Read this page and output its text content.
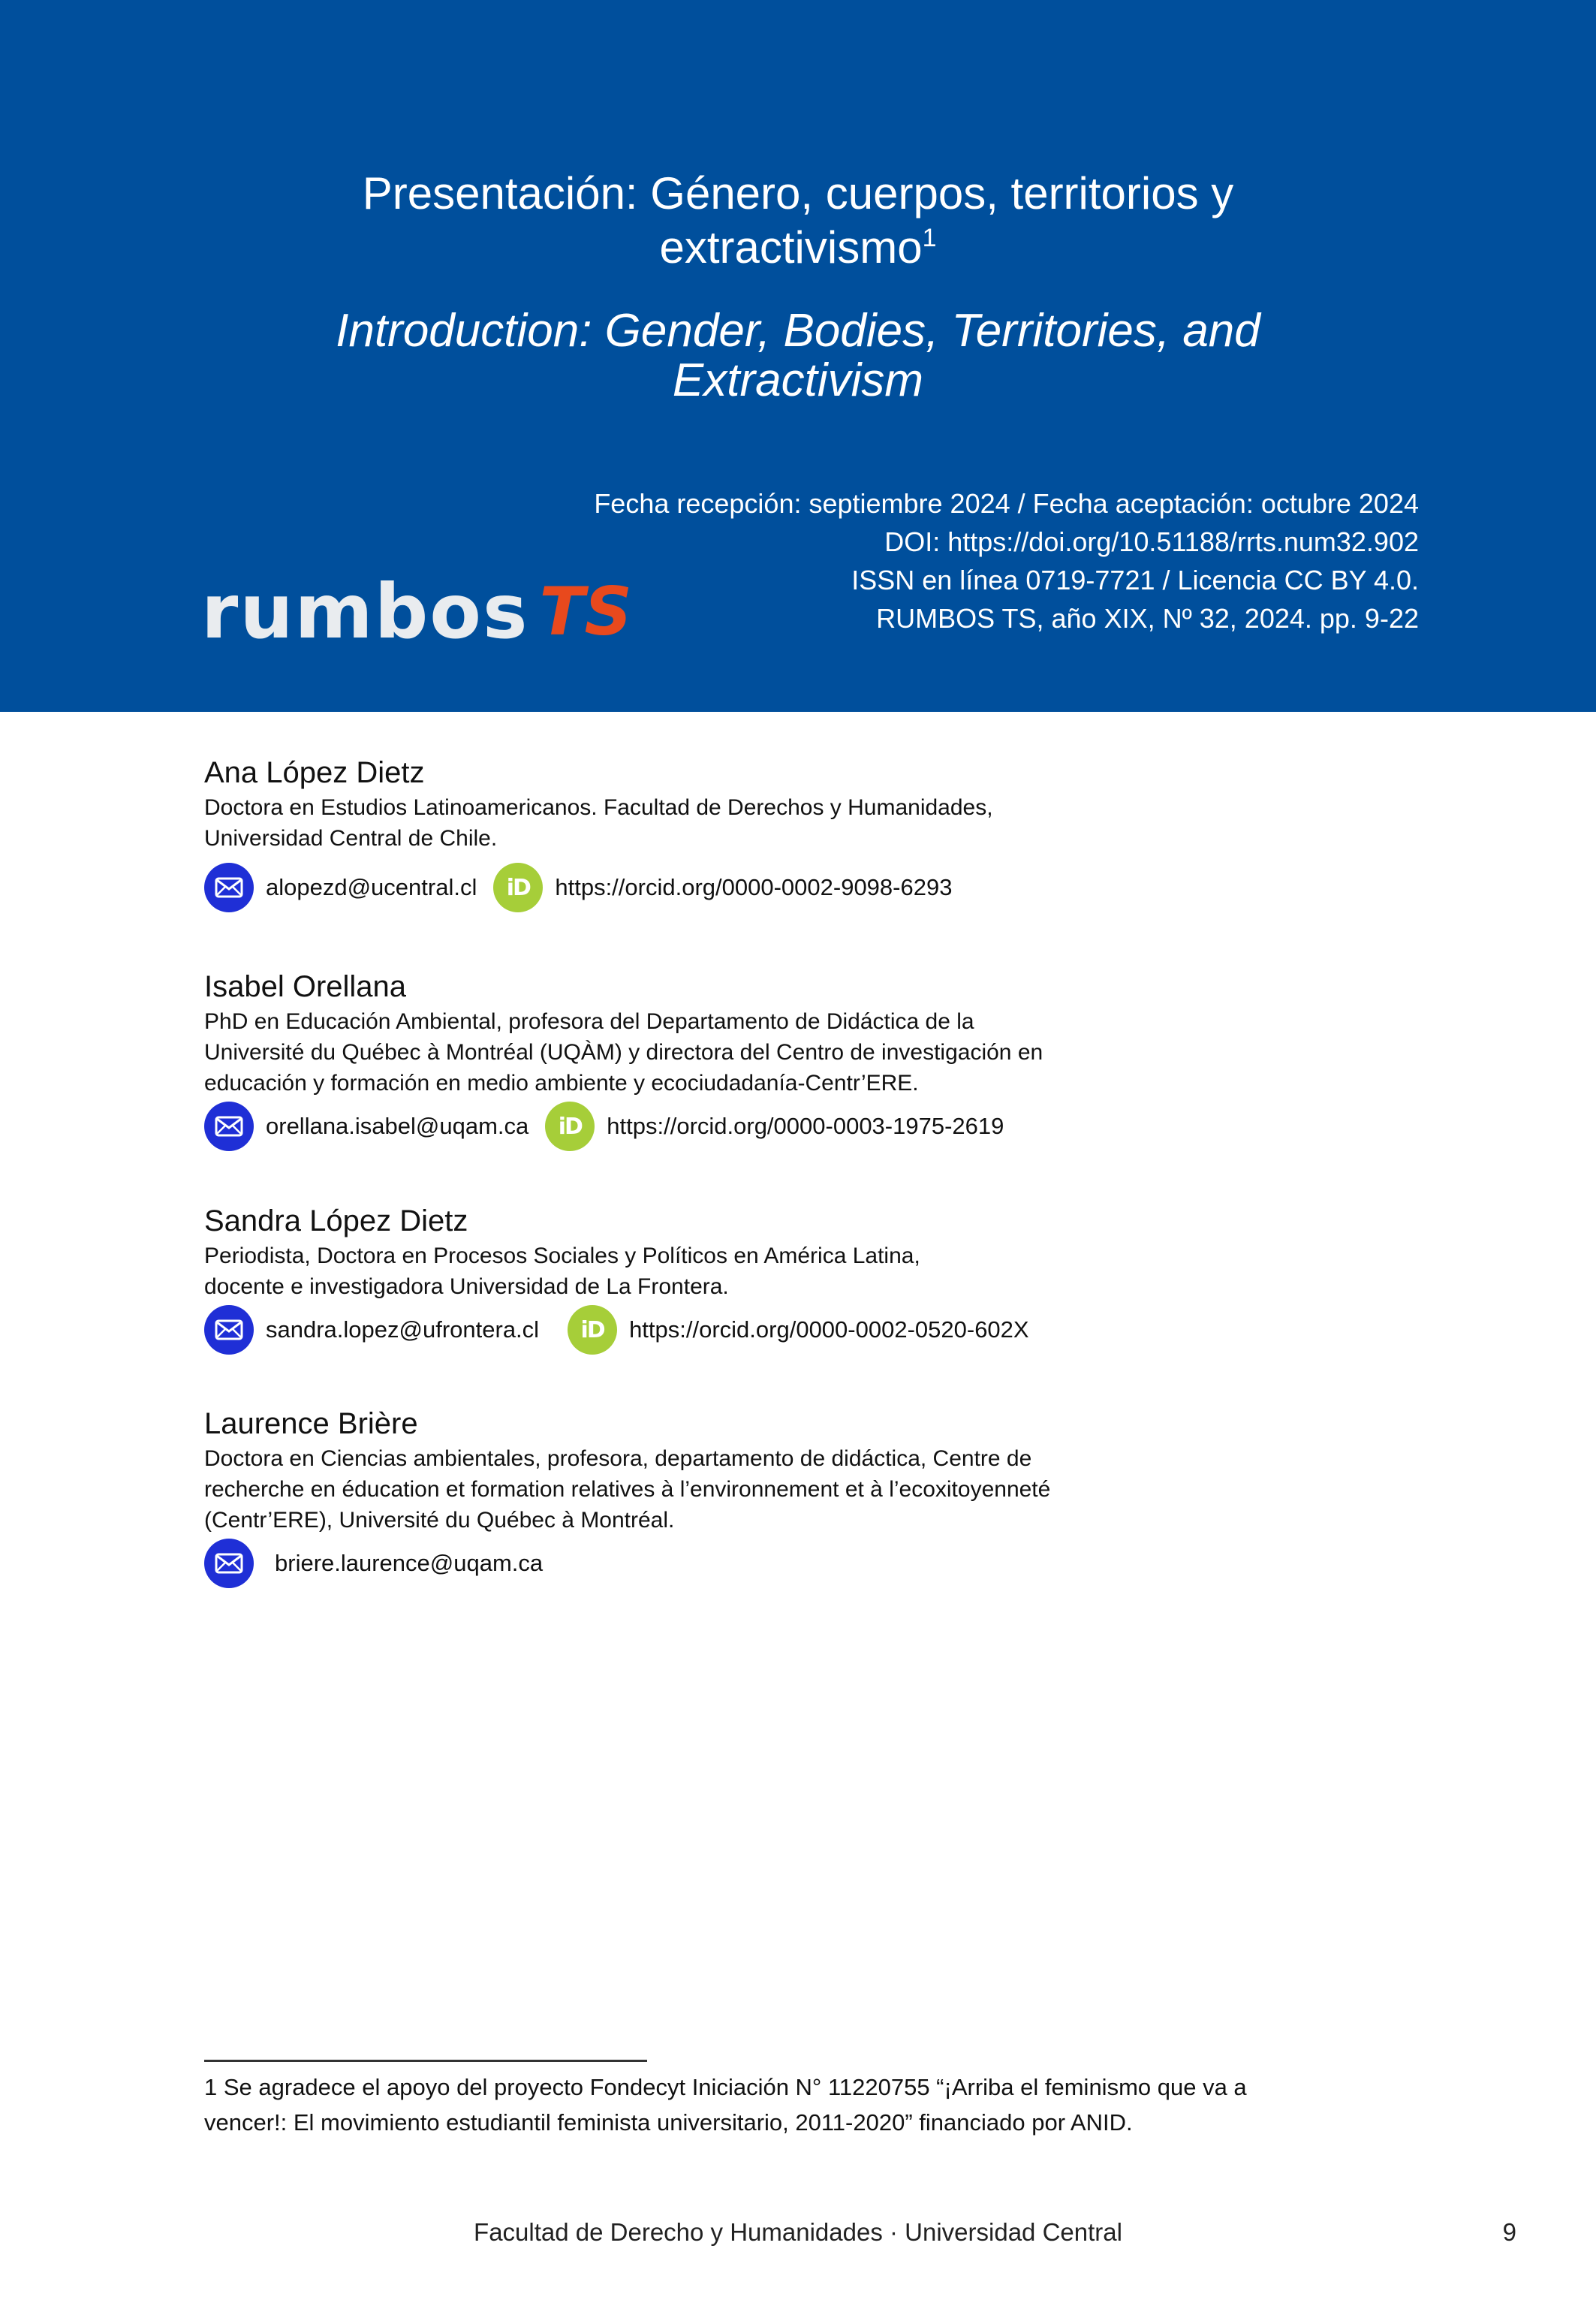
Presentación: Género, cuerpos, territorios y
extractivismo$^1$
Introduction: Gender, Bodies, Territories, and
Extractivism
Fecha recepción: septiembre 2024 / Fecha aceptación: octubre 2024
DOI: https://doi.org/10.51188/rrts.num32.902
ISSN en línea 0719-7721 / Licencia CC BY 4.0.
RUMBOS TS, año XIX, Nº 32, 2024. pp. 9-22
rumbos TS
Ana López Dietz
Doctora en Estudios Latinoamericanos. Facultad de Derechos y Humanidades,
Universidad Central de Chile.
alopezd@ucentral.cl iD https://orcid.org/0000-0002-9098-6293
Isabel Orellana
PhD en Educación Ambiental, profesora del Departamento de Didáctica de la
Université du Québec à Montréal (UQÀM) y directora del Centro de investigación en
educación y formación en medio ambiente y ecociudadanía-Centr’ERE.
orellana.isabel@uqam.ca iD https://orcid.org/0000-0003-1975-2619
Sandra López Dietz
Periodista, Doctora en Procesos Sociales y Políticos en América Latina,
docente e investigadora Universidad de La Frontera.
sandra.lopez@ufrontera.cl iD https://orcid.org/0000-0002-0520-602X
Laurence Brière
Doctora en Ciencias ambientales, profesora, departamento de didáctica, Centre de
recherche en éducation et formation relatives à l’environnement et à l’ecoxitoyenneté
(Centr’ERE), Université du Québec à Montréal.
briere.laurence@uqam.ca
1 Se agradece el apoyo del proyecto Fondecyt Iniciación N° 11220755 “¡Arriba el feminismo que va a
vencer!: El movimiento estudiantil feminista universitario, 2011-2020” financiado por ANID.
Facultad de Derecho y Humanidades · Universidad Central	9
